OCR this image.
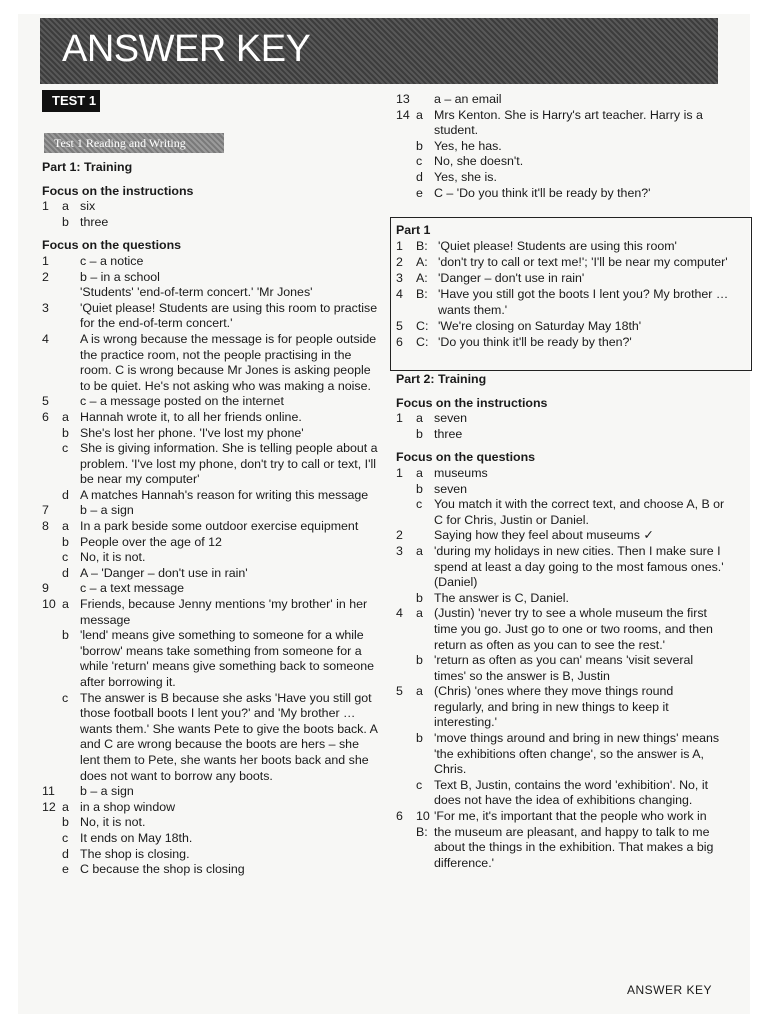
ANSWER KEY
TEST 1
Test 1 Reading and Writing
Part 1: Training
Focus on the instructions
1	a six
b three
Focus on the questions
1	c – a notice
2	b – in a school
'Students' 'end-of-term concert.' 'Mr Jones'
3	'Quiet please! Students are using this room to practise for the end-of-term concert.'
4	A is wrong because the message is for people outside the practice room, not the people practising in the room. C is wrong because Mr Jones is asking people to be quiet. He's not asking who was making a noise.
5	c – a message posted on the internet
6	a Hannah wrote it, to all her friends online.
b She's lost her phone. 'I've lost my phone'
c She is giving information. She is telling people about a problem. 'I've lost my phone, don't try to call or text, I'll be near my computer'
d A matches Hannah's reason for writing this message
7	b – a sign
8	a In a park beside some outdoor exercise equipment
b People over the age of 12
c No, it is not.
d A – 'Danger – don't use in rain'
9	c – a text message
10 a Friends, because Jenny mentions 'my brother' in her message
b 'lend' means give something to someone for a while 'borrow' means take something from someone for a while 'return' means give something back to someone after borrowing it.
c The answer is B because she asks 'Have you still got those football boots I lent you?' and 'My brother … wants them.' She wants Pete to give the boots back. A and C are wrong because the boots are hers – she lent them to Pete, she wants her boots back and she does not want to borrow any boots.
11	b – a sign
12 a in a shop window
b No, it is not.
c It ends on May 18th.
d The shop is closing.
e C because the shop is closing
13	a – an email
14 a Mrs Kenton. She is Harry's art teacher. Harry is a student.
b Yes, he has.
c No, she doesn't.
d Yes, she is.
e C – 'Do you think it'll be ready by then?'
Part 1
1	B: 'Quiet please! Students are using this room'
2	A: 'don't try to call or text me!'; 'I'll be near my computer'
3	A: 'Danger – don't use in rain'
4	B: 'Have you still got the boots I lent you? My brother … wants them.'
5	C: 'We're closing on Saturday May 18th'
6	C: 'Do you think it'll be ready by then?'
Part 2: Training
Focus on the instructions
1	a seven
b three
Focus on the questions
1	a museums
b seven
c You match it with the correct text, and choose A, B or C for Chris, Justin or Daniel.
2	Saying how they feel about museums ✓
3	a 'during my holidays in new cities. Then I make sure I spend at least a day going to the most famous ones.' (Daniel)
b The answer is C, Daniel.
4	a (Justin) 'never try to see a whole museum the first time you go. Just go to one or two rooms, and then return as often as you can to see the rest.'
b 'return as often as you can' means 'visit several times' so the answer is B, Justin
5	a (Chris) 'ones where they move things round regularly, and bring in new things to keep it interesting.'
b 'move things around and bring in new things' means 'the exhibitions often change', so the answer is A, Chris.
c Text B, Justin, contains the word 'exhibition'. No, it does not have the idea of exhibitions changing.
6	10 B:
'For me, it's important that the people who work in the museum are pleasant, and happy to talk to me about the things in the exhibition. That makes a big difference.'
ANSWER KEY
